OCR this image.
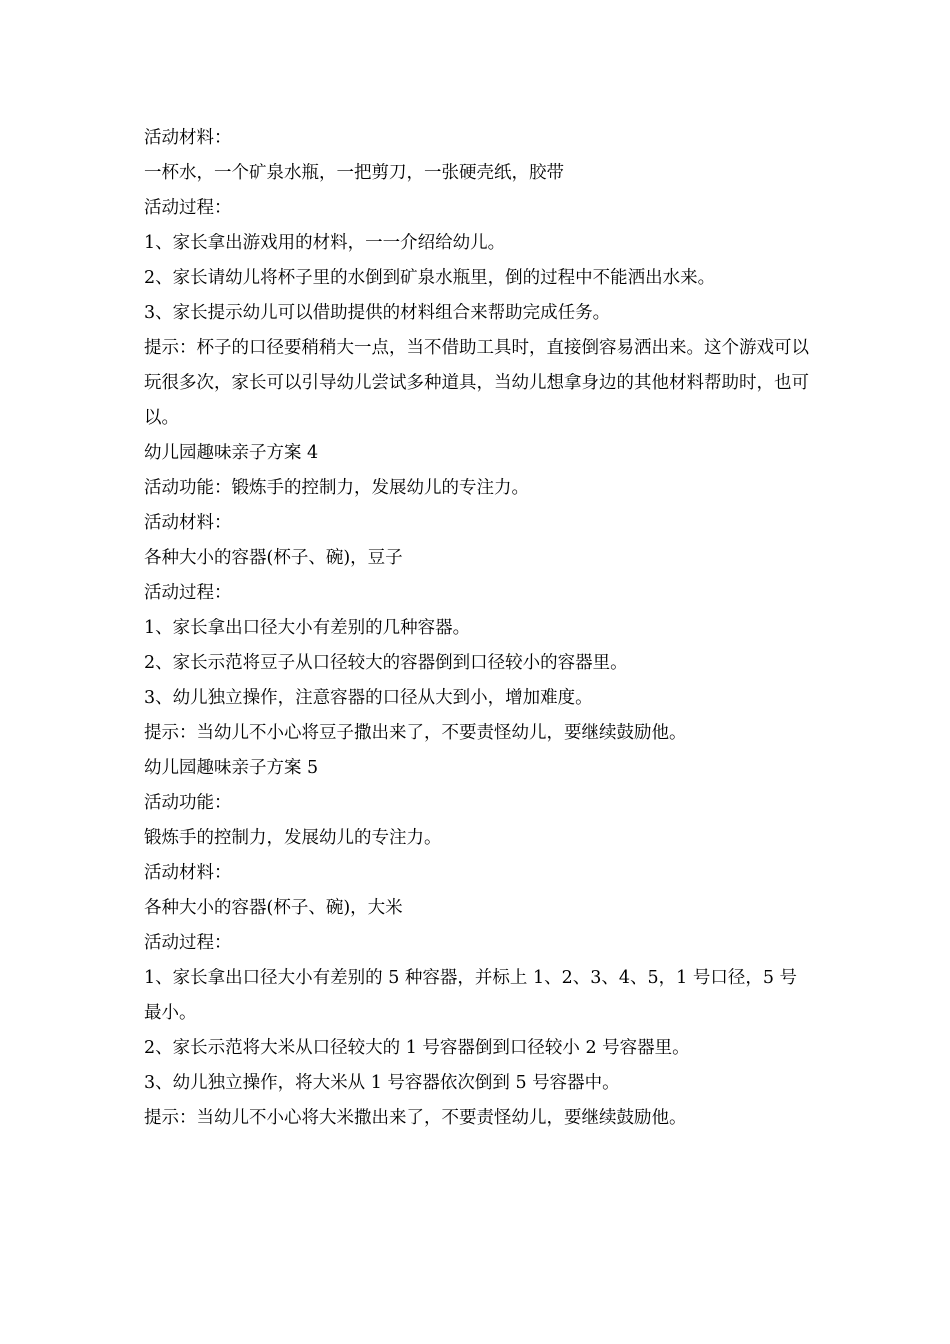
活动材料：

一杯水，一个矿泉水瓶，一把剪刀，一张硬壳纸，胶带

活动过程：

1、家长拿出游戏用的材料，一一介绍给幼儿。

2、家长请幼儿将杯子里的水倒到矿泉水瓶里，倒的过程中不能洒出水来。

3、家长提示幼儿可以借助提供的材料组合来帮助完成任务。

提示：杯子的口径要稍稍大一点，当不借助工具时，直接倒容易洒出来。这个游戏可以玩很多次，家长可以引导幼儿尝试多种道具，当幼儿想拿身边的其他材料帮助时，也可以。

幼儿园趣味亲子方案 4

活动功能：锻炼手的控制力，发展幼儿的专注力。

活动材料：

各种大小的容器(杯子、碗)，豆子

活动过程：

1、家长拿出口径大小有差别的几种容器。

2、家长示范将豆子从口径较大的容器倒到口径较小的容器里。

3、幼儿独立操作，注意容器的口径从大到小，增加难度。

提示：当幼儿不小心将豆子撒出来了，不要责怪幼儿，要继续鼓励他。

幼儿园趣味亲子方案 5

活动功能：

锻炼手的控制力，发展幼儿的专注力。

活动材料：

各种大小的容器(杯子、碗)，大米

活动过程：

1、家长拿出口径大小有差别的 5 种容器，并标上 1、2、3、4、5，1 号口径，5 号最小。

2、家长示范将大米从口径较大的 1 号容器倒到口径较小 2 号容器里。

3、幼儿独立操作，将大米从 1 号容器依次倒到 5 号容器中。

提示：当幼儿不小心将大米撒出来了，不要责怪幼儿，要继续鼓励他。
